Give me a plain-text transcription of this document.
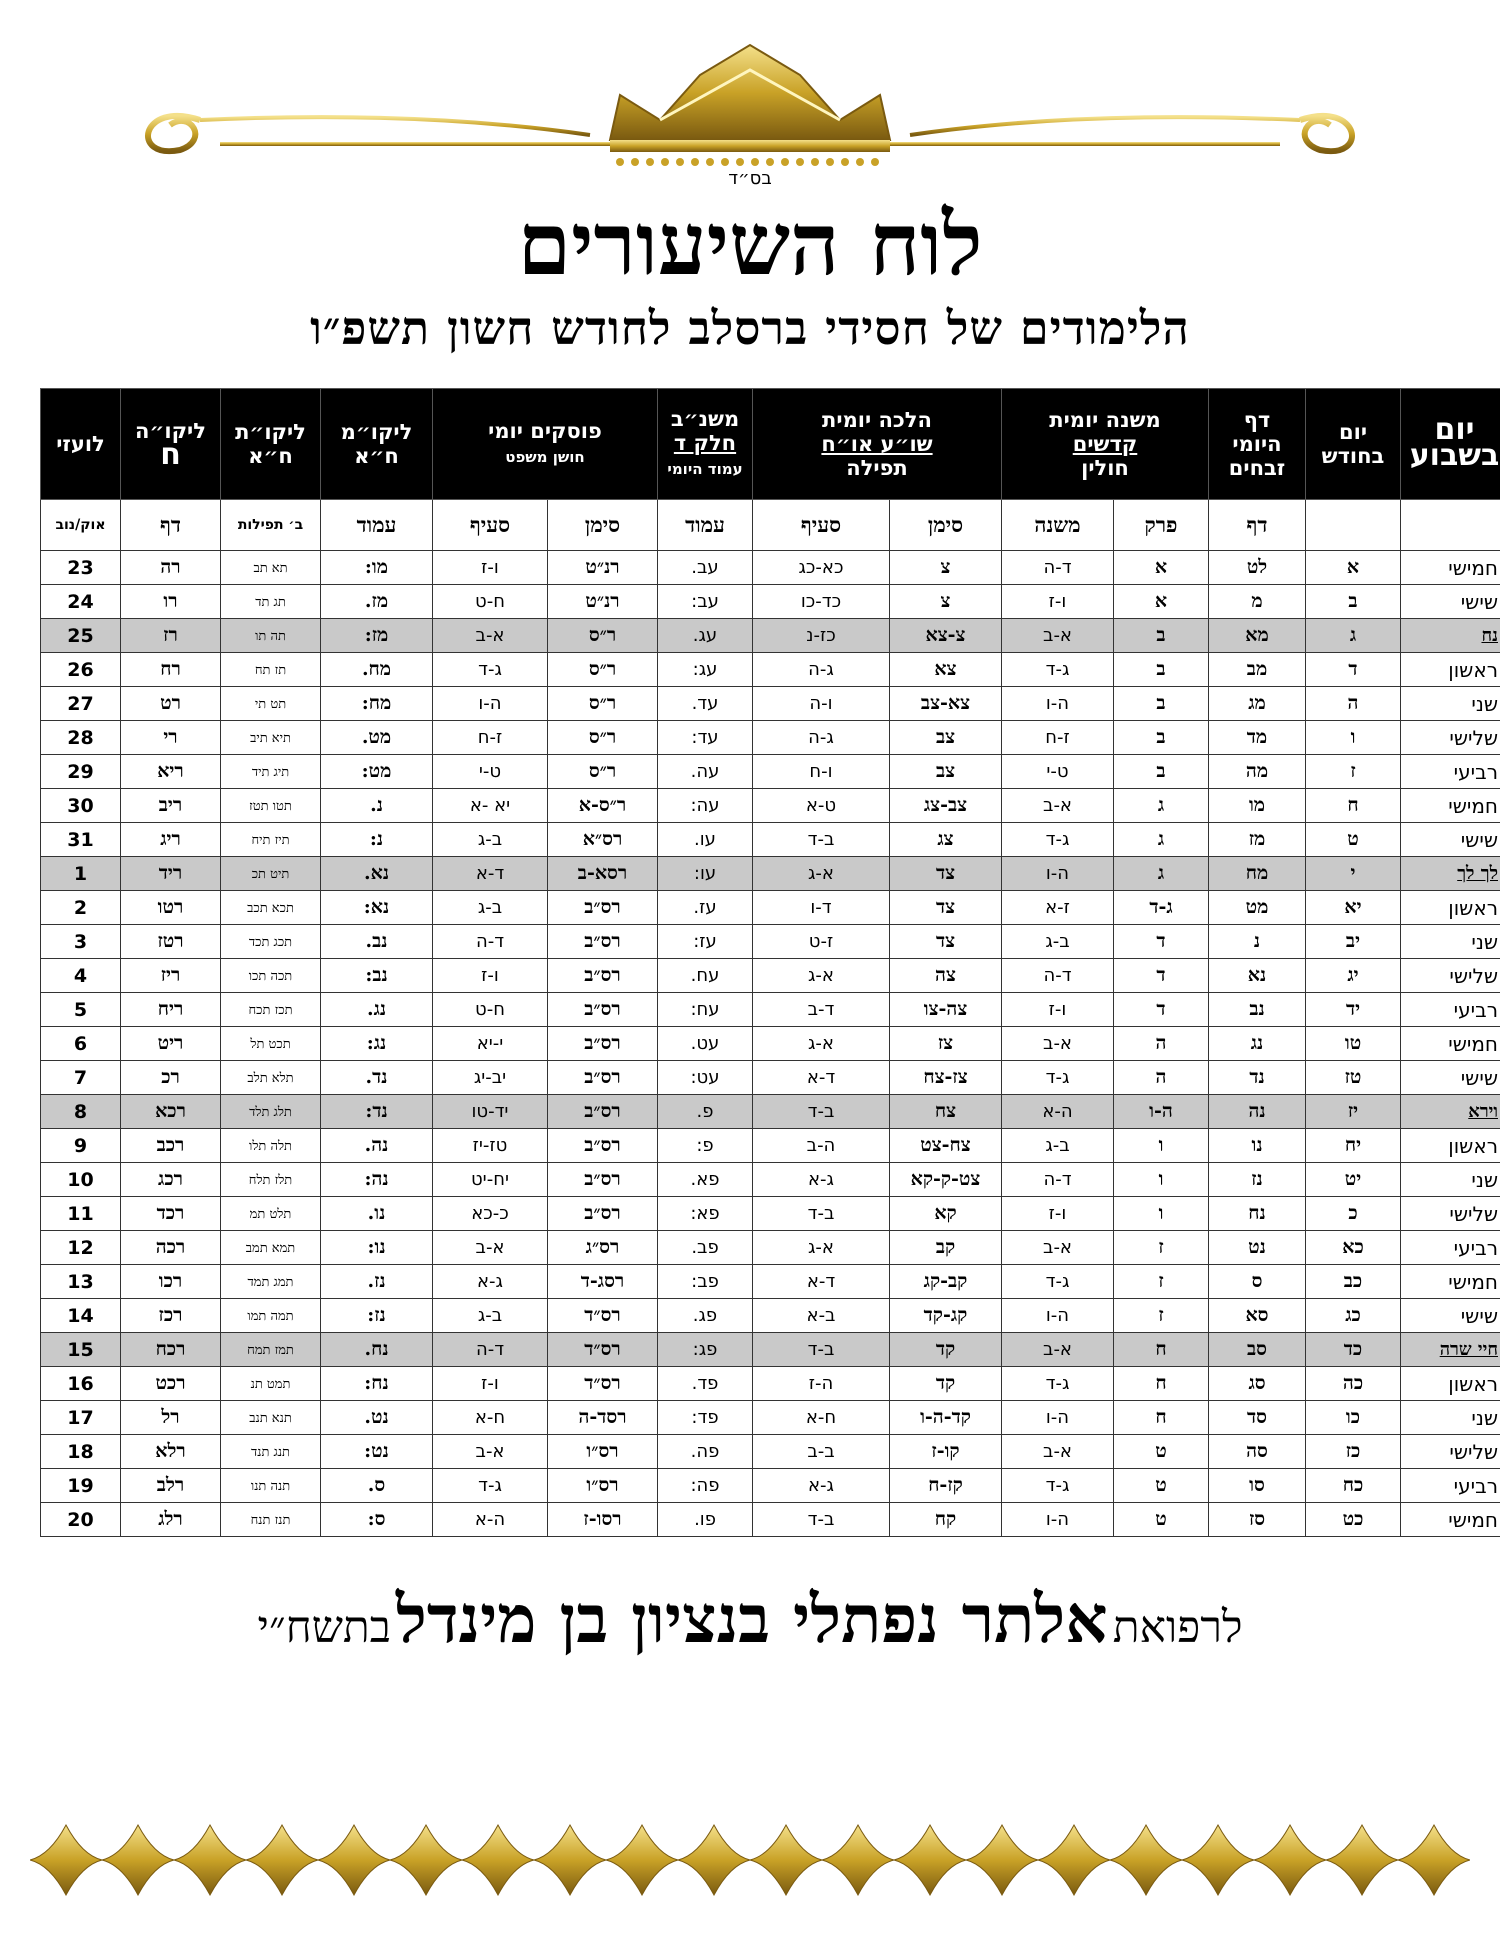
בס״ד
לוח השיעורים
הלימודים של חסידי ברסלב לחודש חשון תשפ״ו
יום
בשבוע	יום
בחודש	דף
היומי
זבחים	משנה יומית
קדשים
חולין		הלכה יומית
שו״ע או״ח
תפילה		משנ״ב
חלק ד
עמוד היומי	פוסקים יומי
חושן משפט		ליקו״מ
ח״א	ליקו״ת
ח״א	ליקו״ה
ח	לועזי
		דף	פרק	משנה	סימן	סעיף	עמוד	סימן	סעיף	עמוד	ב׳ תפילות	דף	אוק/נוב
חמישי	א	לט	א	ד-ה	צ	כא-כג	עב.	רנ״ט	ו-ז	מו:	תא תב	רה	23
שישי	ב	מ	א	ו-ז	צ	כד-כו	עב:	רנ״ט	ח-ט	מז.	תג תד	רו	24
נח	ג	מא	ב	א-ב	צ-צא	כז-נ	עג.	ר״ס	א-ב	מז:	תה תו	רז	25
ראשון	ד	מב	ב	ג-ד	צא	ג-ה	עג:	ר״ס	ג-ד	מח.	תז תח	רח	26
שני	ה	מג	ב	ה-ו	צא-צב	ו-ה	עד.	ר״ס	ה-ו	מח:	תט תי	רט	27
שלישי	ו	מד	ב	ז-ח	צב	ג-ה	עד:	ר״ס	ז-ח	מט.	תיא תיב	רי	28
רביעי	ז	מה	ב	ט-י	צב	ו-ח	עה.	ר״ס	ט-י	מט:	תיג תיד	ריא	29
חמישי	ח	מו	ג	א-ב	צב-צג	ט-א	עה:	ר״ס-א	יא -א	נ.	תטו תטז	ריב	30
שישי	ט	מז	ג	ג-ד	צג	ב-ד	עו.	רס״א	ב-ג	נ:	תיז תיח	ריג	31
לך לך	י	מח	ג	ה-ו	צד	א-ג	עו:	רסא-ב	ד-א	נא.	תיט תכ	ריד	1
ראשון	יא	מט	ג-ד	ז-א	צד	ד-ו	עז.	רס״ב	ב-ג	נא:	תכא תכב	רטו	2
שני	יב	נ	ד	ב-ג	צד	ז-ט	עז:	רס״ב	ד-ה	נב.	תכג תכד	רטז	3
שלישי	יג	נא	ד	ד-ה	צה	א-ג	עח.	רס״ב	ו-ז	נב:	תכה תכו	ריז	4
רביעי	יד	נב	ד	ו-ז	צה-צו	ד-ב	עח:	רס״ב	ח-ט	נג.	תכז תכח	ריח	5
חמישי	טו	נג	ה	א-ב	צז	א-ג	עט.	רס״ב	י-יא	נג:	תכט תל	ריט	6
שישי	טז	נד	ה	ג-ד	צז-צח	ד-א	עט:	רס״ב	יב-יג	נד.	תלא תלב	רכ	7
וירא	יז	נה	ה-ו	ה-א	צח	ב-ד	פ.	רס״ב	יד-טו	נד:	תלג תלד	רכא	8
ראשון	יח	נו	ו	ב-ג	צח-צט	ה-ב	פ:	רס״ב	טז-יז	נה.	תלה תלו	רכב	9
שני	יט	נז	ו	ד-ה	צט-ק-קא	ג-א	פא.	רס״ב	יח-יט	נה:	תלז תלח	רכג	10
שלישי	כ	נח	ו	ו-ז	קא	ב-ד	פא:	רס״ב	כ-כא	נו.	תלט תמ	רכד	11
רביעי	כא	נט	ז	א-ב	קב	א-ג	פב.	רס״ג	א-ב	נו:	תמא תמב	רכה	12
חמישי	כב	ס	ז	ג-ד	קב-קג	ד-א	פב:	רסג-ד	ג-א	נז.	תמג תמד	רכו	13
שישי	כג	סא	ז	ה-ו	קג-קד	ב-א	פג.	רס״ד	ב-ג	נז:	תמה תמו	רכז	14
חיי שרה	כד	סב	ח	א-ב	קד	ב-ד	פג:	רס״ד	ד-ה	נח.	תמז תמח	רכח	15
ראשון	כה	סג	ח	ג-ד	קד	ה-ז	פד.	רס״ד	ו-ז	נח:	תמט תנ	רכט	16
שני	כו	סד	ח	ה-ו	קד-ה-ו	ח-א	פד:	רסד-ה	ח-א	נט.	תנא תנב	רל	17
שלישי	כז	סה	ט	א-ב	קו-ז	ב-ב	פה.	רס״ו	א-ב	נט:	תנג תנד	רלא	18
רביעי	כח	סו	ט	ג-ד	קז-ח	ג-א	פה:	רס״ו	ג-ד	ס.	תנה תנו	רלב	19
חמישי	כט	סז	ט	ה-ו	קח	ב-ד	פו.	רסו-ז	ה-א	ס:	תנז תנח	רלג	20
לרפואת אלתר נפתלי בנציון בן מינדל בתשח״י
